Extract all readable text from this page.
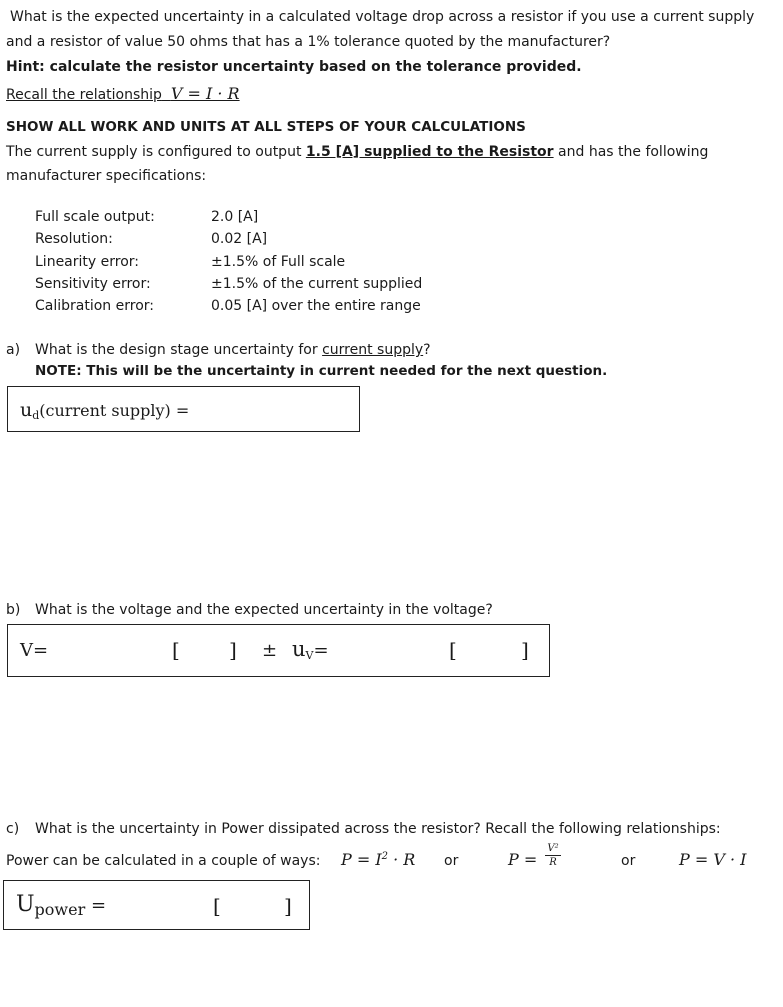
What is the expected uncertainty in a calculated voltage drop across a resistor if you use a current supply
and a resistor of value 50 ohms that has a 1% tolerance quoted by the manufacturer?
Hint: calculate the resistor uncertainty based on the tolerance provided.
Recall the relationship V = I · R
SHOW ALL WORK AND UNITS AT ALL STEPS OF YOUR CALCULATIONS
The current supply is configured to output 1.5 [A] supplied to the Resistor and has the following
manufacturer specifications:
Full scale output:	2.0 [A]
Resolution:	0.02 [A]
Linearity error:	±1.5% of Full scale
Sensitivity error:	±1.5% of the current supplied
Calibration error:	0.05 [A] over the entire range
a) What is the design stage uncertainty for current supply?
NOTE: This will be the uncertainty in current needed for the next question.
$u_d(current$ supply) =
b) What is the voltage and the expected uncertainty in the voltage?
V=	[ ] ± $u_V=$	[	]
c) What is the uncertainty in Power dissipated across the resistor? Recall the following relationships:
Power can be calculated in a couple of ways: $P = I^2 \cdot R$ or	P =
V²
R	or	P = V · I
Upower =	[	]
